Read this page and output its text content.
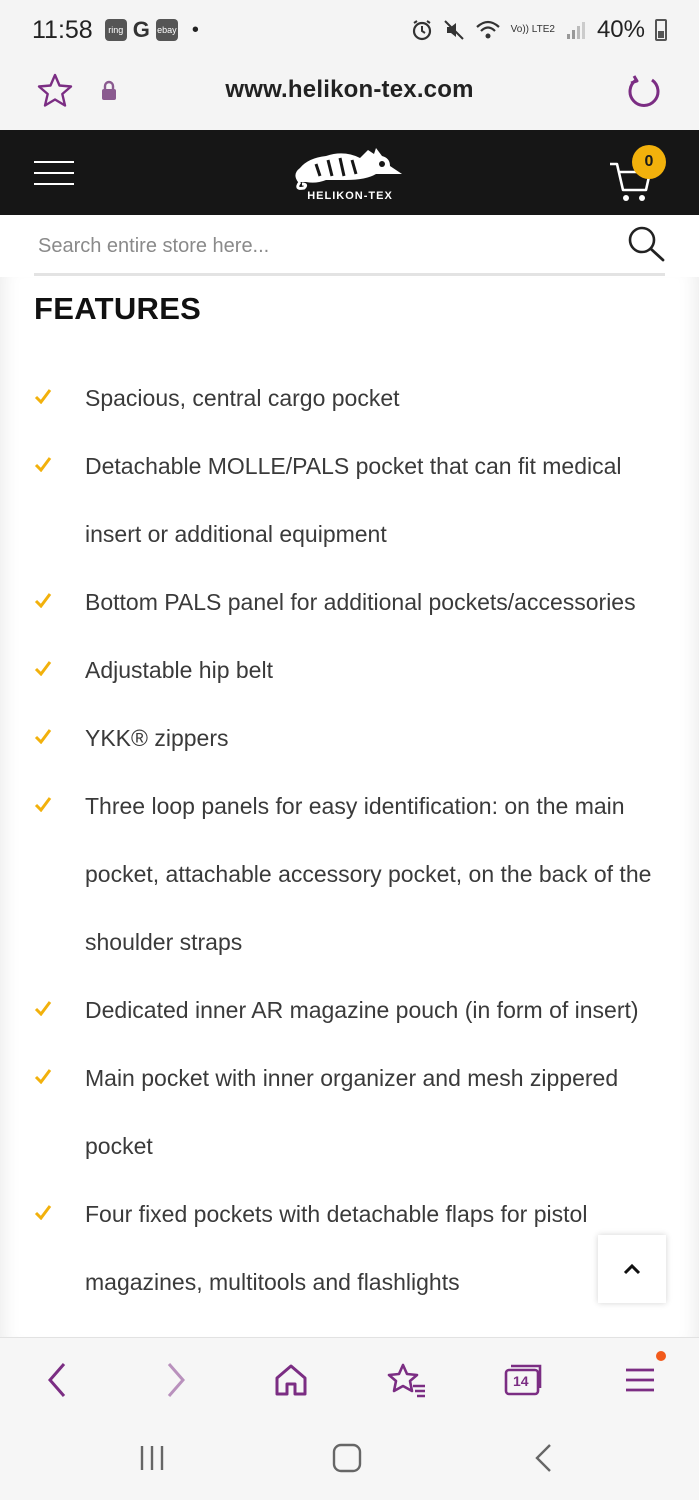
11:58	ring G ebay •	Vo)) LTE2 40%
www.helikon-tex.com
HELIKON-TEX
0
Search entire store here...
FEATURES
Spacious, central cargo pocket
Detachable MOLLE/PALS pocket that can fit medical insert or additional equipment
Bottom PALS panel for additional pockets/accessories
Adjustable hip belt
YKK® zippers
Three loop panels for easy identification: on the main pocket, attachable accessory pocket, on the back of the shoulder straps
Dedicated inner AR magazine pouch (in form of insert)
Main pocket with inner organizer and mesh zippered pocket
Four fixed pockets with detachable flaps for pistol magazines, multitools and flashlights
14
